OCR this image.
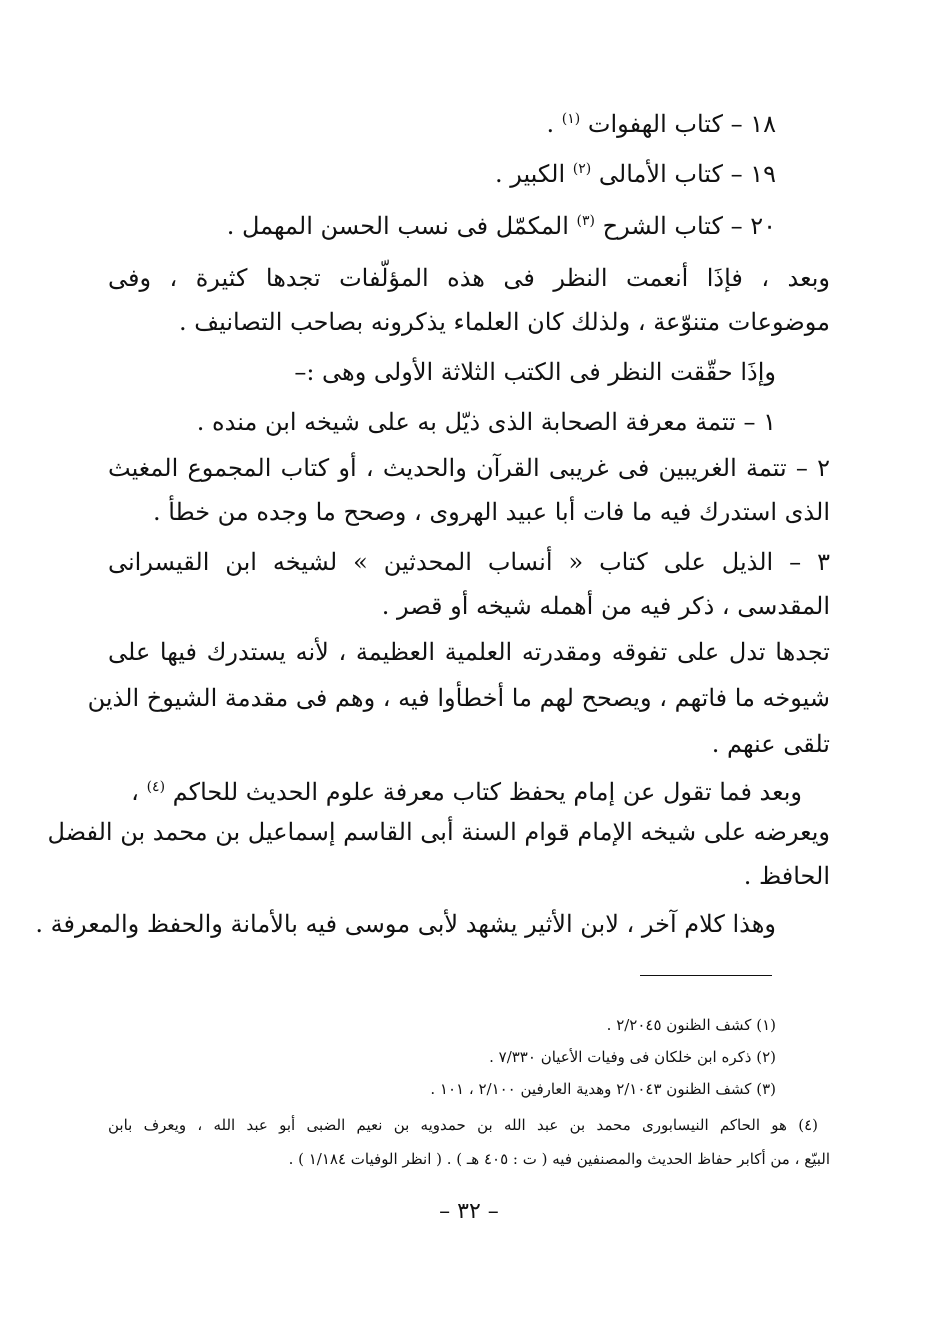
١٨ – كتاب الهفوات $^{(١)}$ .
١٩ – كتاب الأمالى $^{(٢)}$ الكبير .
٢٠ – كتاب الشرح $^{(٣)}$ المكمّل فى نسب الحسن المهمل .
وبعد ، فإذَا أنعمت النظر فى هذه المؤلّفات تجدها كثيرة ، وفى
موضوعات متنوّعة ، ولذلك كان العلماء يذكرونه بصاحب التصانيف .
وإذَا حقّقت النظر فى الكتب الثلاثة الأولى وهى :–
١ – تتمة معرفة الصحابة الذى ذيّل به على شيخه ابن منده .
٢ – تتمة الغريبين فى غريبى القرآن والحديث ، أو كتاب المجموع المغيث
الذى استدرك فيه ما فات أبا عبيد الهروى ، وصحح ما وجده من خطأ .
٣ – الذيل على كتاب « أنساب المحدثين » لشيخه ابن القيسرانى
المقدسى ، ذكر فيه من أهمله شيخه أو قصر .
تجدها تدل على تفوقه ومقدرته العلمية العظيمة ، لأنه يستدرك فيها على
شيوخه ما فاتهم ، ويصحح لهم ما أخطأوا فيه ، وهم فى مقدمة الشيوخ الذين
تلقى عنهم .
وبعد فما تقول عن إمام يحفظ كتاب معرفة علوم الحديث للحاكم $^{(٤)}$ ،
ويعرضه على شيخه الإمام قوام السنة أبى القاسم إسماعيل بن محمد بن الفضل
الحافظ .
وهذا كلام آخر ، لابن الأثير يشهد لأبى موسى فيه بالأمانة والحفظ والمعرفة .
(١) كشف الظنون ٢/٢٠٤٥ .
(٢) ذكره ابن خلكان فى وفيات الأعيان ٧/٣٣٠ .
(٣) كشف الظنون ٢/١٠٤٣ وهدية العارفين ٢/١٠٠ ، ١٠١ .
(٤) هو الحاكم النيسابورى محمد بن عبد الله بن حمدويه بن نعيم الضبى أبو عبد الله ، ويعرف بابن
البيّع ، من أكابر حفاظ الحديث والمصنفين فيه ( ت : ٤٠٥ هـ ) . ( انظر الوفيات ١/١٨٤ ) .
– ٣٢ –
